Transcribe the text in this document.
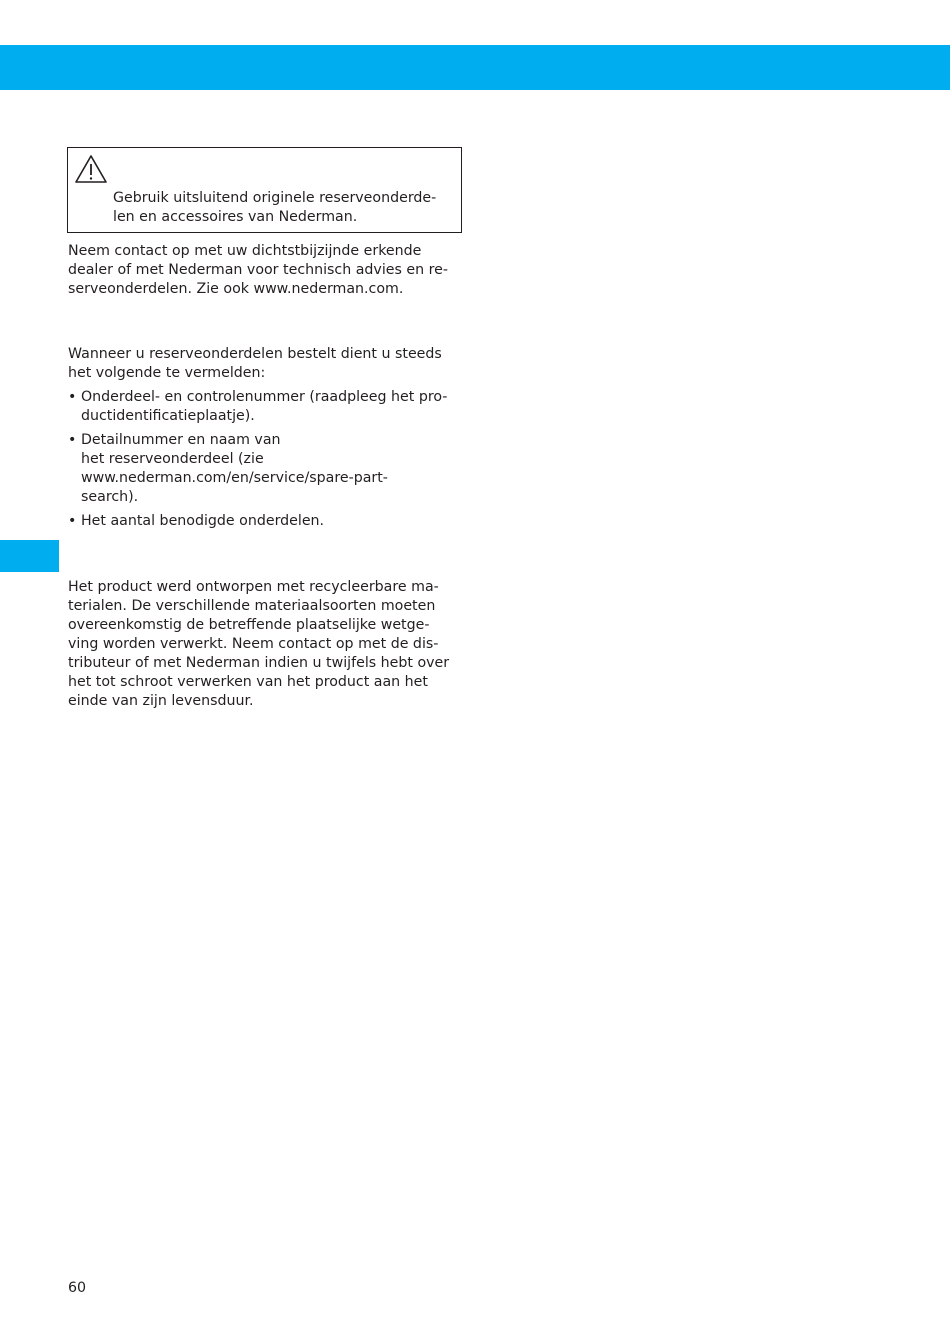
Gebruik uitsluitend originele reserveonderde-
len en accessoires van Nederman.
Neem contact op met uw dichtstbijzijnde erkende
dealer of met Nederman voor technisch advies en re-
serveonderdelen. Zie ook www.nederman.com.
Wanneer u reserveonderdelen bestelt dient u steeds
het volgende te vermelden:
• Onderdeel- en controlenummer (raadpleeg het pro-
ductidentificatieplaatje).
• Detailnummer en naam van
het reserveonderdeel (zie
www.nederman.com/en/service/spare-part-
search).
• Het aantal benodigde onderdelen.
Het product werd ontworpen met recycleerbare ma-
terialen. De verschillende materiaalsoorten moeten
overeenkomstig de betreffende plaatselijke wetge-
ving worden verwerkt. Neem contact op met de dis-
tributeur of met Nederman indien u twijfels hebt over
het tot schroot verwerken van het product aan het
einde van zijn levensduur.
60
